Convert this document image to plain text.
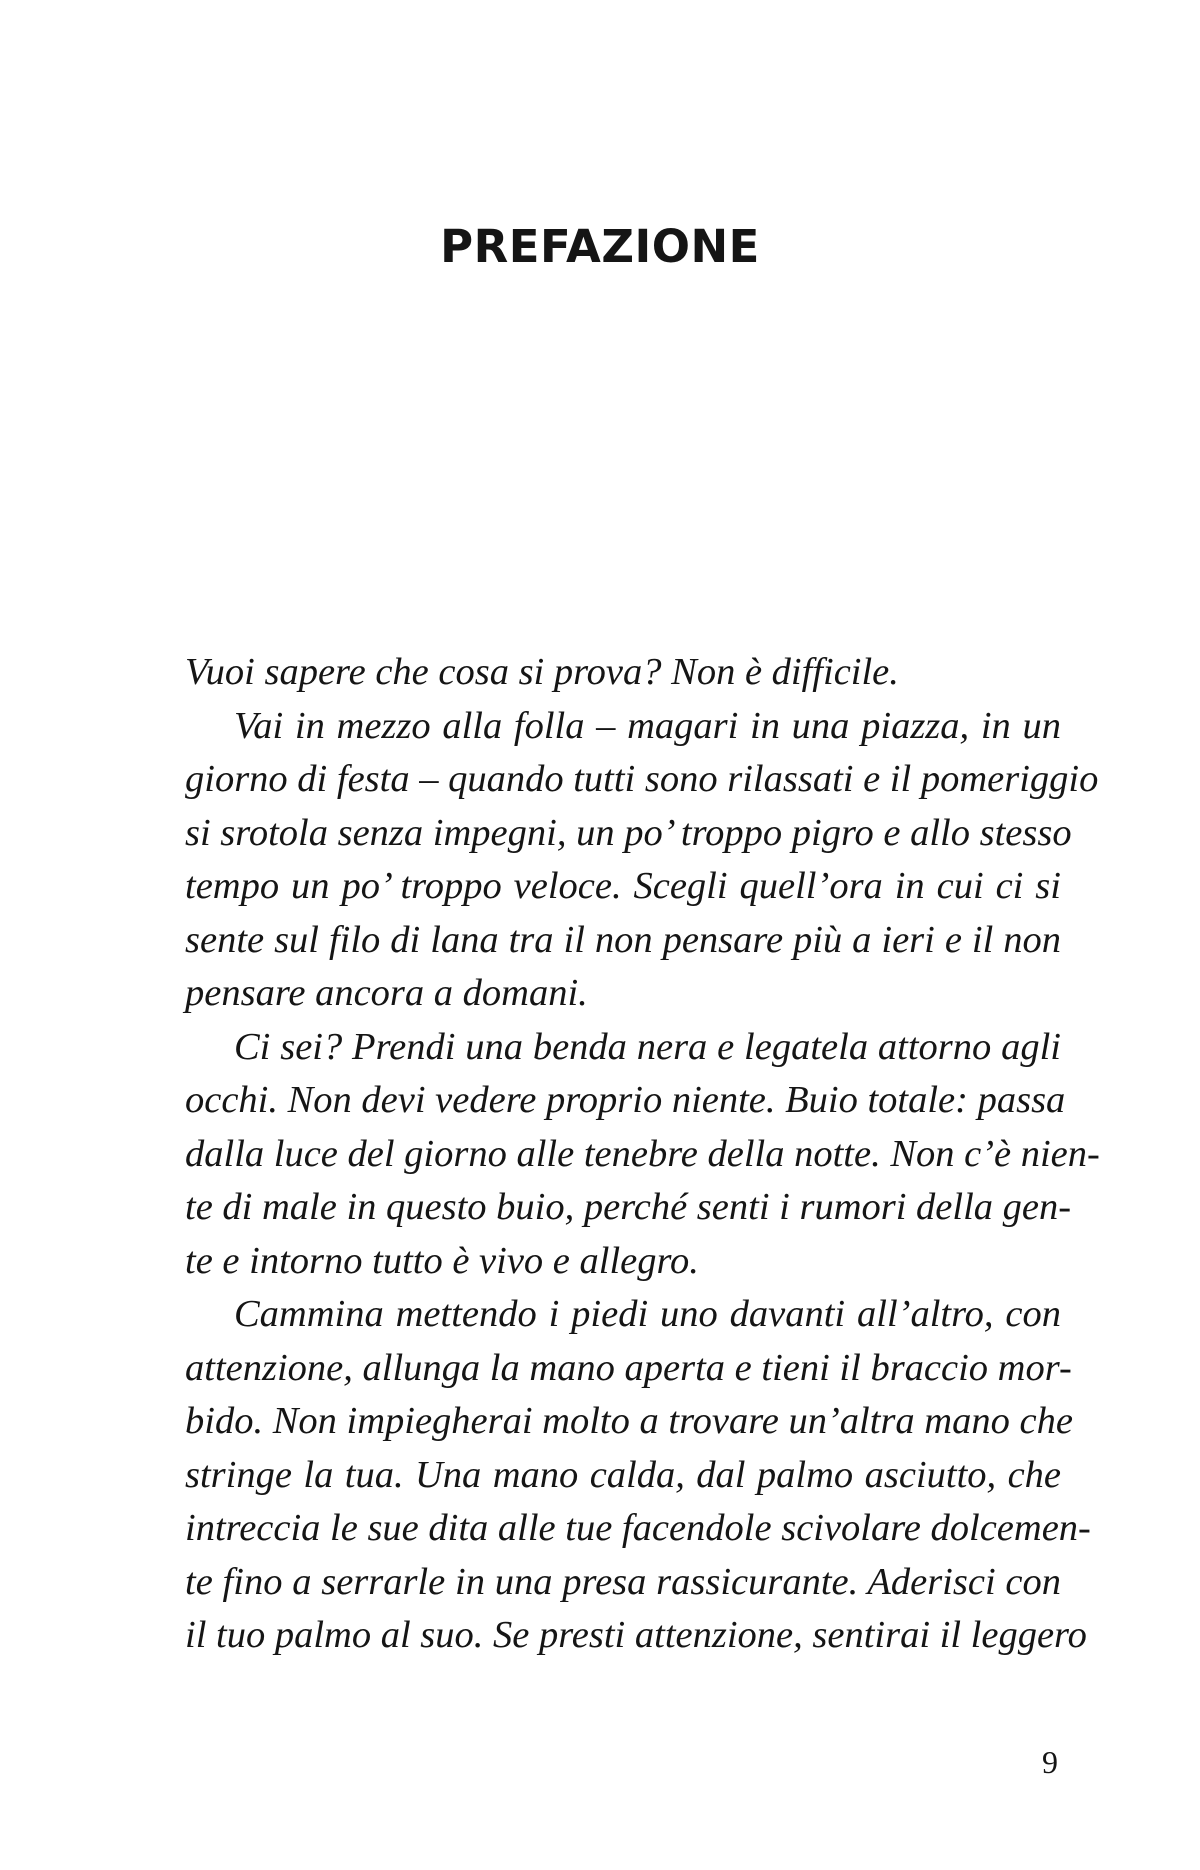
PREFAZIONE
Vuoi sapere che cosa si prova? Non è difficile.
Vai in mezzo alla folla – magari in una piazza, in un
giorno di festa – quando tutti sono rilassati e il pomeriggio
si srotola senza impegni, un po’ troppo pigro e allo stesso
tempo un po’ troppo veloce. Scegli quell’ora in cui ci si
sente sul filo di lana tra il non pensare più a ieri e il non
pensare ancora a domani.
Ci sei? Prendi una benda nera e legatela attorno agli
occhi. Non devi vedere proprio niente. Buio totale: passa
dalla luce del giorno alle tenebre della notte. Non c’è nien-
te di male in questo buio, perché senti i rumori della gen-
te e intorno tutto è vivo e allegro.
Cammina mettendo i piedi uno davanti all’altro, con
attenzione, allunga la mano aperta e tieni il braccio mor-
bido. Non impiegherai molto a trovare un’altra mano che
stringe la tua. Una mano calda, dal palmo asciutto, che
intreccia le sue dita alle tue facendole scivolare dolcemen-
te fino a serrarle in una presa rassicurante. Aderisci con
il tuo palmo al suo. Se presti attenzione, sentirai il leggero
9
